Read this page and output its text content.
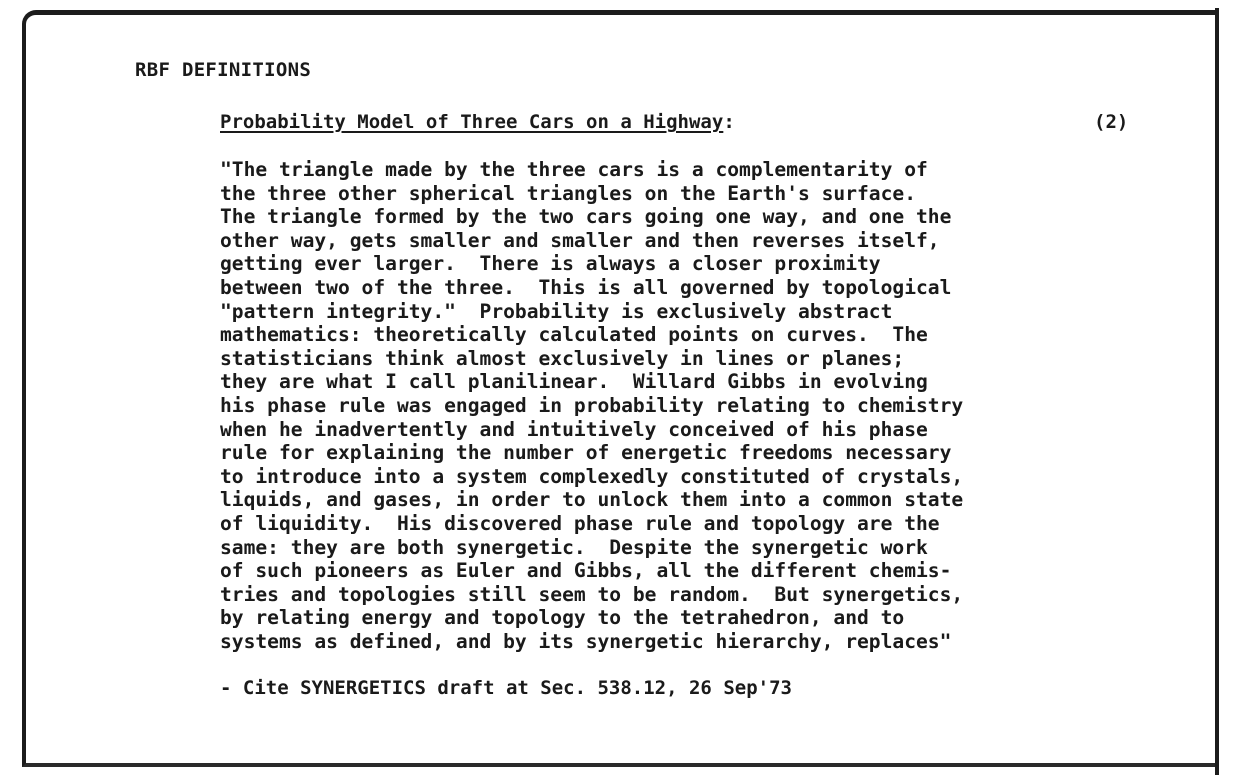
RBF DEFINITIONS
Probability Model of Three Cars on a Highway:	(2)
"The triangle made by the three cars is a complementarity of
the three other spherical triangles on the Earth's surface.
The triangle formed by the two cars going one way, and one the
other way, gets smaller and smaller and then reverses itself,
getting ever larger.  There is always a closer proximity
between two of the three.  This is all governed by topological
"pattern integrity."  Probability is exclusively abstract
mathematics: theoretically calculated points on curves.  The
statisticians think almost exclusively in lines or planes;
they are what I call planilinear.  Willard Gibbs in evolving
his phase rule was engaged in probability relating to chemistry
when he inadvertently and intuitively conceived of his phase
rule for explaining the number of energetic freedoms necessary
to introduce into a system complexedly constituted of crystals,
liquids, and gases, in order to unlock them into a common state
of liquidity.  His discovered phase rule and topology are the
same: they are both synergetic.  Despite the synergetic work
of such pioneers as Euler and Gibbs, all the different chemis-
tries and topologies still seem to be random.  But synergetics,
by relating energy and topology to the tetrahedron, and to
systems as defined, and by its synergetic hierarchy, replaces"
- Cite SYNERGETICS draft at Sec. 538.12, 26 Sep'73
